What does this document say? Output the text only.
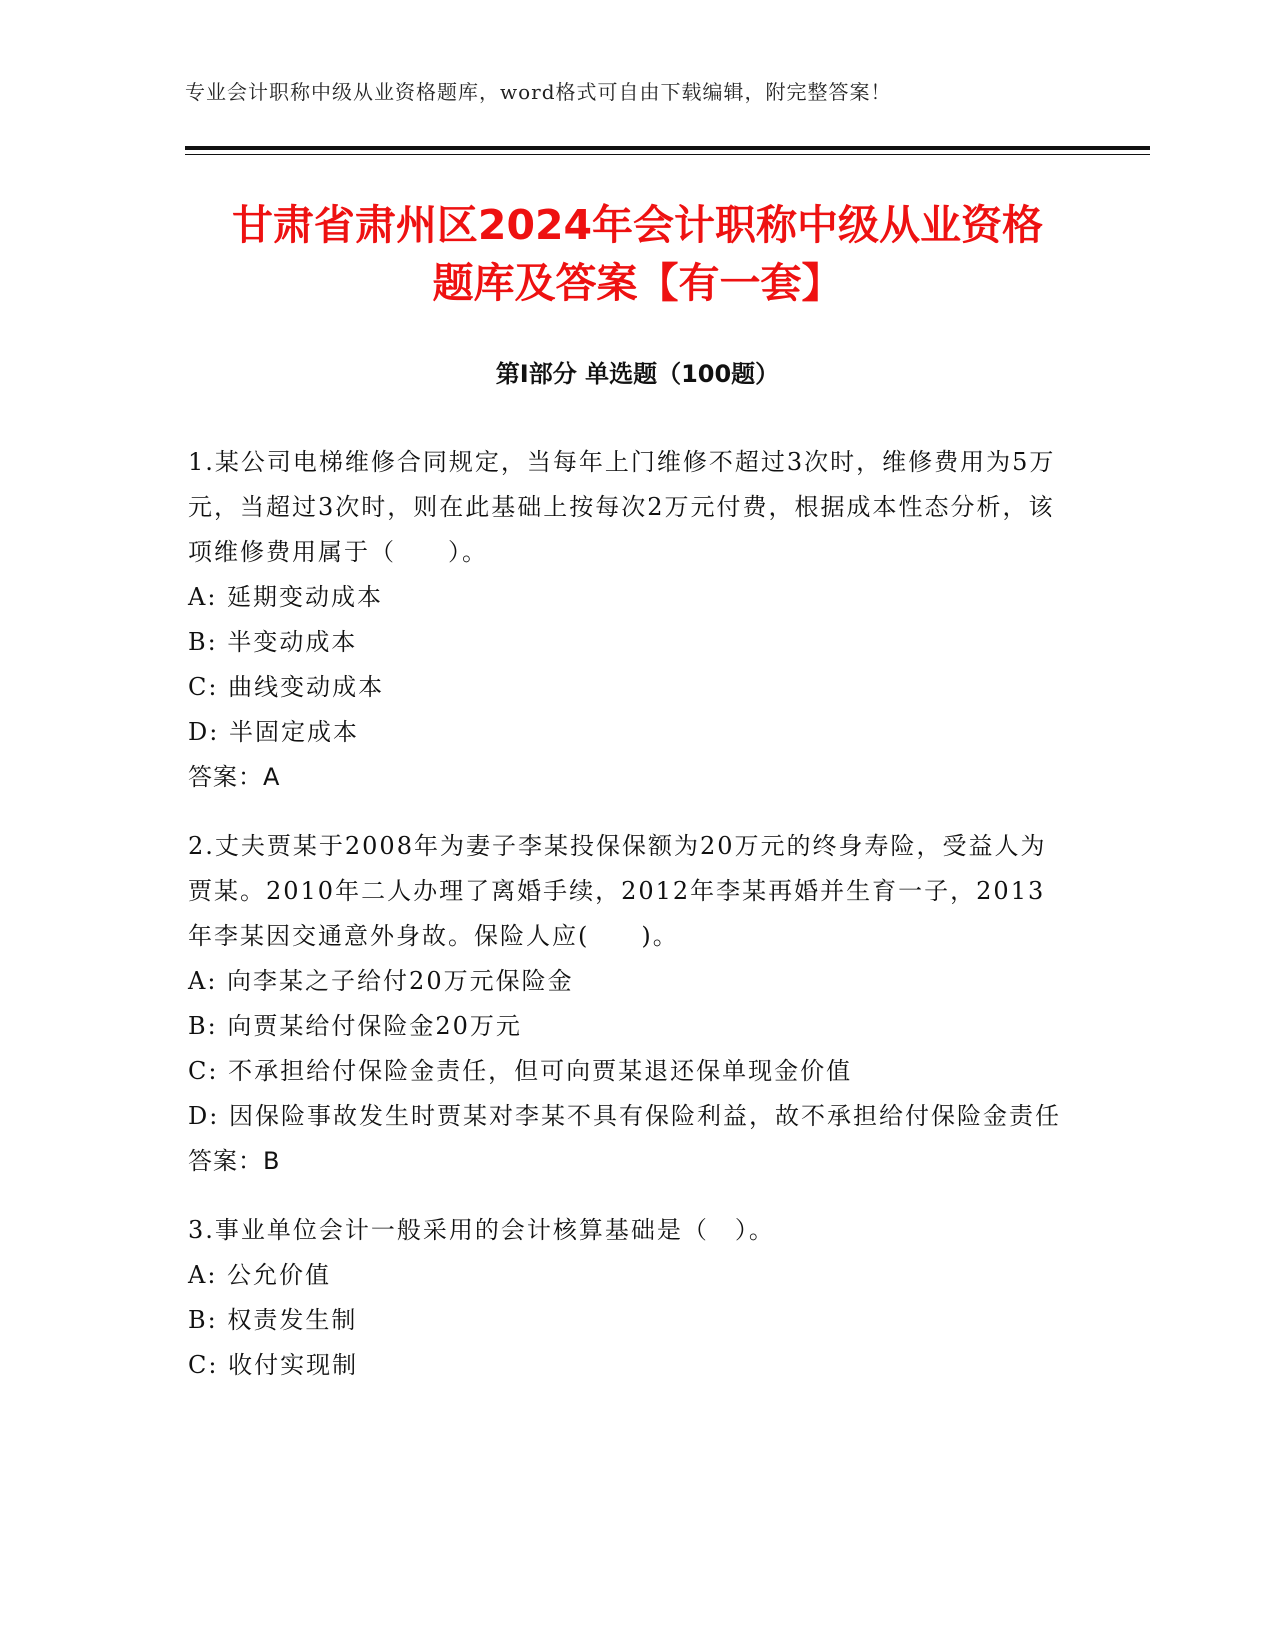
专业会计职称中级从业资格题库，word格式可自由下载编辑，附完整答案！
甘肃省肃州区2024年会计职称中级从业资格
题库及答案【有一套】
第Ⅰ部分 单选题（100题）

1.某公司电梯维修合同规定，当每年上门维修不超过3次时，维修费用为5万元，当超过3次时，则在此基础上按每次2万元付费，根据成本性态分析，该项维修费用属于（　　）。

A: 延期变动成本

B: 半变动成本

C: 曲线变动成本

D: 半固定成本

答案：A

2.丈夫贾某于2008年为妻子李某投保保额为20万元的终身寿险，受益人为贾某。2010年二人办理了离婚手续，2012年李某再婚并生育一子，2013年李某因交通意外身故。保险人应(　　)。

A: 向李某之子给付20万元保险金

B: 向贾某给付保险金20万元

C: 不承担给付保险金责任，但可向贾某退还保单现金价值

D: 因保险事故发生时贾某对李某不具有保险利益，故不承担给付保险金责任

答案：B

3.事业单位会计一般采用的会计核算基础是（　）。

A: 公允价值

B: 权责发生制

C: 收付实现制
